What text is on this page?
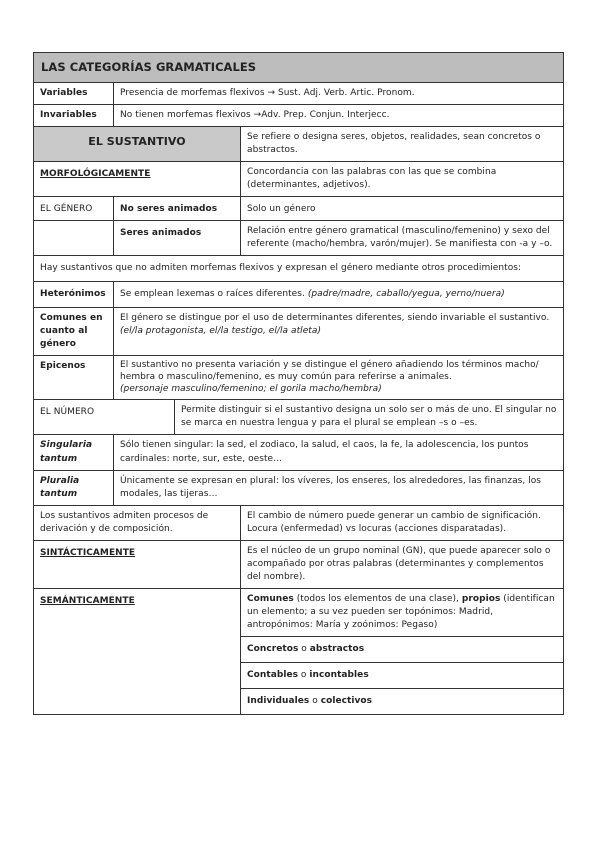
LAS CATEGORÍAS GRAMATICALES			
Variables	Presencia de morfemas flexivos → Sust. Adj. Verb. Artic. Pronom.		
Invariables	No tienen morfemas flexivos →Adv. Prep. Conjun. Interjecc.		
EL SUSTANTIVO			Se refiere o designa seres, objetos, realidades, sean concretos o abstractos.
MORFOLÓGICAMENTE			Concordancia con las palabras con las que se combina (determinantes, adjetivos).
EL GÉNERO	No seres animados		Solo un género
	Seres animados		Relación entre género gramatical (masculino/femenino) y sexo del referente (macho/hembra, varón/mujer). Se manifiesta con -a y –o.
Hay sustantivos que no admiten morfemas flexivos y expresan el género mediante otros procedimientos:			
Heterónimos	Se emplean lexemas o raíces diferentes. (padre/madre, caballo/yegua, yerno/nuera)		
Comunes en cuanto al género	El género se distingue por el uso de determinantes diferentes, siendo invariable el sustantivo.
(el/la protagonista, el/la testigo, el/la atleta)		
Epicenos	El sustantivo no presenta variación y se distingue el género añadiendo los términos macho/ hembra o masculino/femenino, es muy común para referirse a animales.
(personaje masculino/femenino; el gorila macho/hembra)		
EL NÚMERO		Permite distinguir si el sustantivo designa un solo ser o más de uno. El singular no se marca en nuestra lengua y para el plural se emplean –s o –es.	
Singularia tantum	Sólo tienen singular: la sed, el zodiaco, la salud, el caos, la fe, la adolescencia, los puntos cardinales: norte, sur, este, oeste…		
Pluralia tantum	Únicamente se expresan en plural: los víveres, los enseres, los alrededores, las finanzas, los modales, las tijeras…		
Los sustantivos admiten procesos de derivación y de composición.			El cambio de número puede generar un cambio de significación. Locura (enfermedad) vs locuras (acciones disparatadas).
SINTÁCTICAMENTE			Es el núcleo de un grupo nominal (GN), que puede aparecer solo o acompañado por otras palabras (determinantes y complementos del nombre).
SEMÁNTICAMENTE			Comunes (todos los elementos de una clase), propios (identifican un elemento; a su vez pueden ser topónimos: Madrid, antropónimos: María y zoónimos: Pegaso)
			Concretos o abstractos
			Contables o incontables
			Individuales o colectivos
